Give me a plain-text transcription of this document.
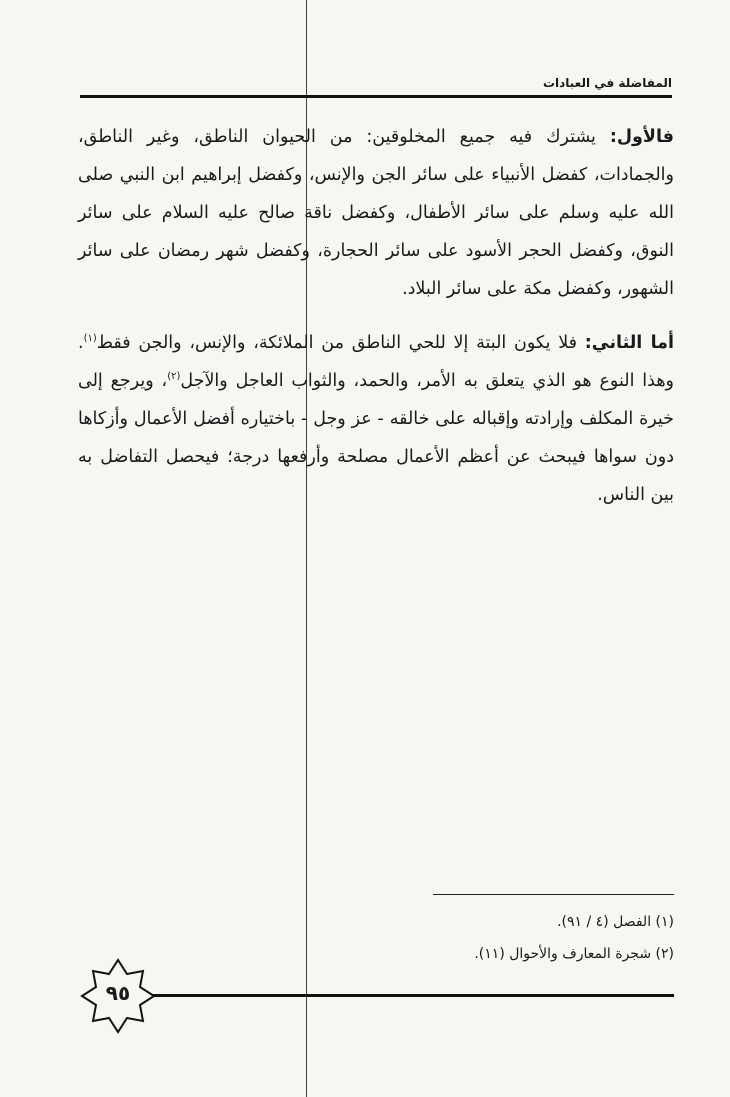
المفاضلة في العبادات

فالأول: يشترك فيه جميع المخلوقين: من الحيوان الناطق، وغير الناطق، والجمادات، كفضل الأنبياء على سائر الجن والإنس، وكفضل إبراهيم ابن النبي صلى الله عليه وسلم على سائر الأطفال، وكفضل ناقة صالح عليه السلام على سائر النوق، وكفضل الحجر الأسود على سائر الحجارة، وكفضل شهر رمضان على سائر الشهور، وكفضل مكة على سائر البلاد.

أما الثاني: فلا يكون البتة إلا للحي الناطق من الملائكة، والإنس، والجن فقط$^{(١)}$. وهذا النوع هو الذي يتعلق به الأمر، والحمد، والثواب العاجل والآجل$^{(٢)}$، ويرجع إلى خيرة المكلف وإرادته وإقباله على خالقه - عز وجل - باختياره أفضل الأعمال وأزكاها دون سواها فيبحث عن أعظم الأعمال مصلحة وأرفعها درجة؛ فيحصل التفاضل به بين الناس.

(١) الفصل (٤ / ٩١).

(٢) شجرة المعارف والأحوال (١١).

٩٥
